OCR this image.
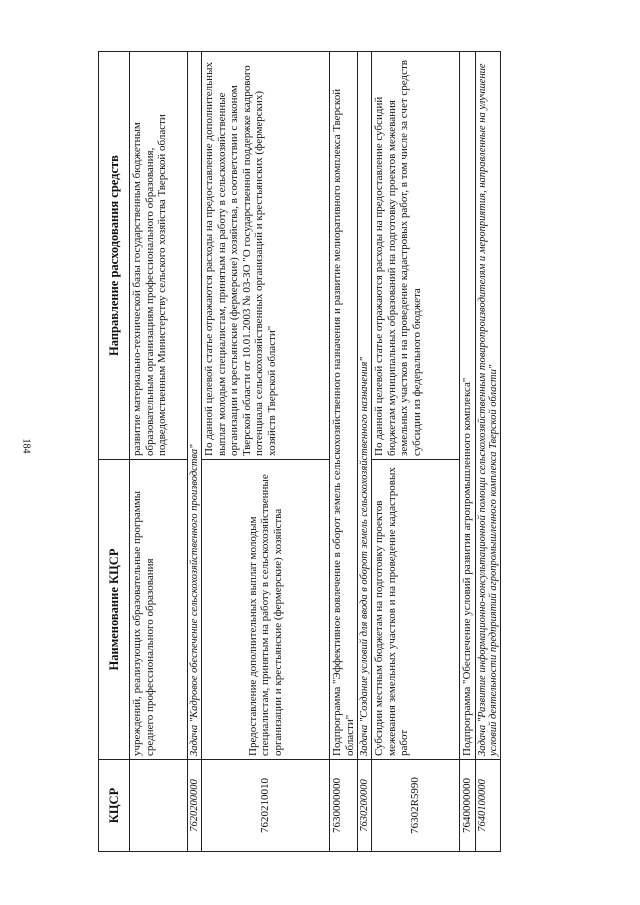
184
КЦСР	Наименование КЦСР	Направление расходования средств
	учреждений, реализующих образовательные программы среднего профессионального образования	развитие материально-технической базы государственным бюджетным образовательным организациям профессионального образования, подведомственным Министерству сельского хозяйства Тверской области
7620200000	Задача "Кадровое обеспечение сельскохозяйственного производства"	
7620210010	Предоставление дополнительных выплат молодым специалистам, принятым на работу в сельскохозяйственные организации и крестьянские (фермерские) хозяйства	По данной целевой статье отражаются расходы на предоставление дополнительных выплат молодым специалистам, принятым на работу в сельскохозяйственные организации и крестьянские (фермерские) хозяйства, в соответствии с законом Тверской области от 10.01.2003 № 03-ЗО "О государственной поддержке кадрового потенциала сельскохозяйственных организаций и крестьянских (фермерских) хозяйств Тверской области"
7630000000	Подпрограмма "Эффективное вовлечение в оборот земель сельскохозяйственного назначения и развитие мелиоративного комплекса Тверской области"	
7630200000	Задача "Создание условий для ввода в оборот земель сельскохозяйственного назначения"	
76302R5990	Субсидии местным бюджетам на подготовку проектов межевания земельных участков и на проведение кадастровых работ	По данной целевой статье отражаются расходы на предоставление субсидий бюджетам муниципальных образований на подготовку проектов межевания земельных участков и на проведение кадастровых работ, в том числе за счет средств субсидии из федерального бюджета
7640000000	Подпрограмма "Обеспечение условий развития агропромышленного комплекса"	
7640100000	Задача "Развитие информационно-консультационной помощи сельскохозяйственным товаропроизводителям и мероприятия, направленные на улучшение условий деятельности предприятий агропромышленного комплекса Тверской области"	
